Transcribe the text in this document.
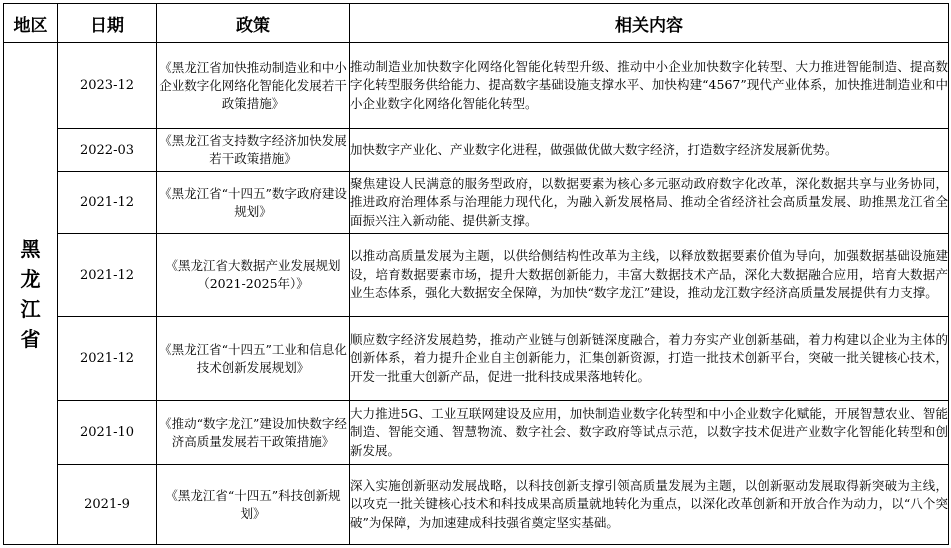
地区	日期	政策	相关内容
黑龙江省	2023-12	《黑龙江省加快推动制造业和中小企业数字化网络化智能化发展若干政策措施》	推动制造业加快数字化网络化智能化转型升级、推动中小企业加快数字化转型、大力推进智能制造、提高数字化转型服务供给能力、提高数字基础设施支撑水平、加快构建“4567”现代产业体系，加快推进制造业和中小企业数字化网络化智能化转型。
	2022-03	《黑龙江省支持数字经济加快发展若干政策措施》	加快数字产业化、产业数字化进程，做强做优做大数字经济，打造数字经济发展新优势。
	2021-12	《黑龙江省“十四五”数字政府建设规划》	聚焦建设人民满意的服务型政府，以数据要素为核心多元驱动政府数字化改革，深化数据共享与业务协同，推进政府治理体系与治理能力现代化，为融入新发展格局、推动全省经济社会高质量发展、助推黑龙江省全面振兴注入新动能、提供新支撑。
	2021-12	《黑龙江省大数据产业发展规划（2021-2025年）》	以推动高质量发展为主题，以供给侧结构性改革为主线，以释放数据要素价值为导向，加强数据基础设施建设，培育数据要素市场，提升大数据创新能力，丰富大数据技术产品，深化大数据融合应用，培育大数据产业生态体系，强化大数据安全保障，为加快“数字龙江”建设，推动龙江数字经济高质量发展提供有力支撑。
	2021-12	《黑龙江省“十四五”工业和信息化技术创新发展规划》	顺应数字经济发展趋势，推动产业链与创新链深度融合，着力夯实产业创新基础，着力构建以企业为主体的创新体系，着力提升企业自主创新能力，汇集创新资源，打造一批技术创新平台，突破一批关键核心技术，开发一批重大创新产品，促进一批科技成果落地转化。
	2021-10	《推动“数字龙江”建设加快数字经济高质量发展若干政策措施》	大力推进5G、工业互联网建设及应用，加快制造业数字化转型和中小企业数字化赋能，开展智慧农业、智能制造、智能交通、智慧物流、数字社会、数字政府等试点示范，以数字技术促进产业数字化智能化转型和创新发展。
	2021-9	《黑龙江省“十四五”科技创新规划》	深入实施创新驱动发展战略，以科技创新支撑引领高质量发展为主题，以创新驱动发展取得新突破为主线，以攻克一批关键核心技术和科技成果高质量就地转化为重点，以深化改革创新和开放合作为动力，以“八个突破”为保障，为加速建成科技强省奠定坚实基础。
